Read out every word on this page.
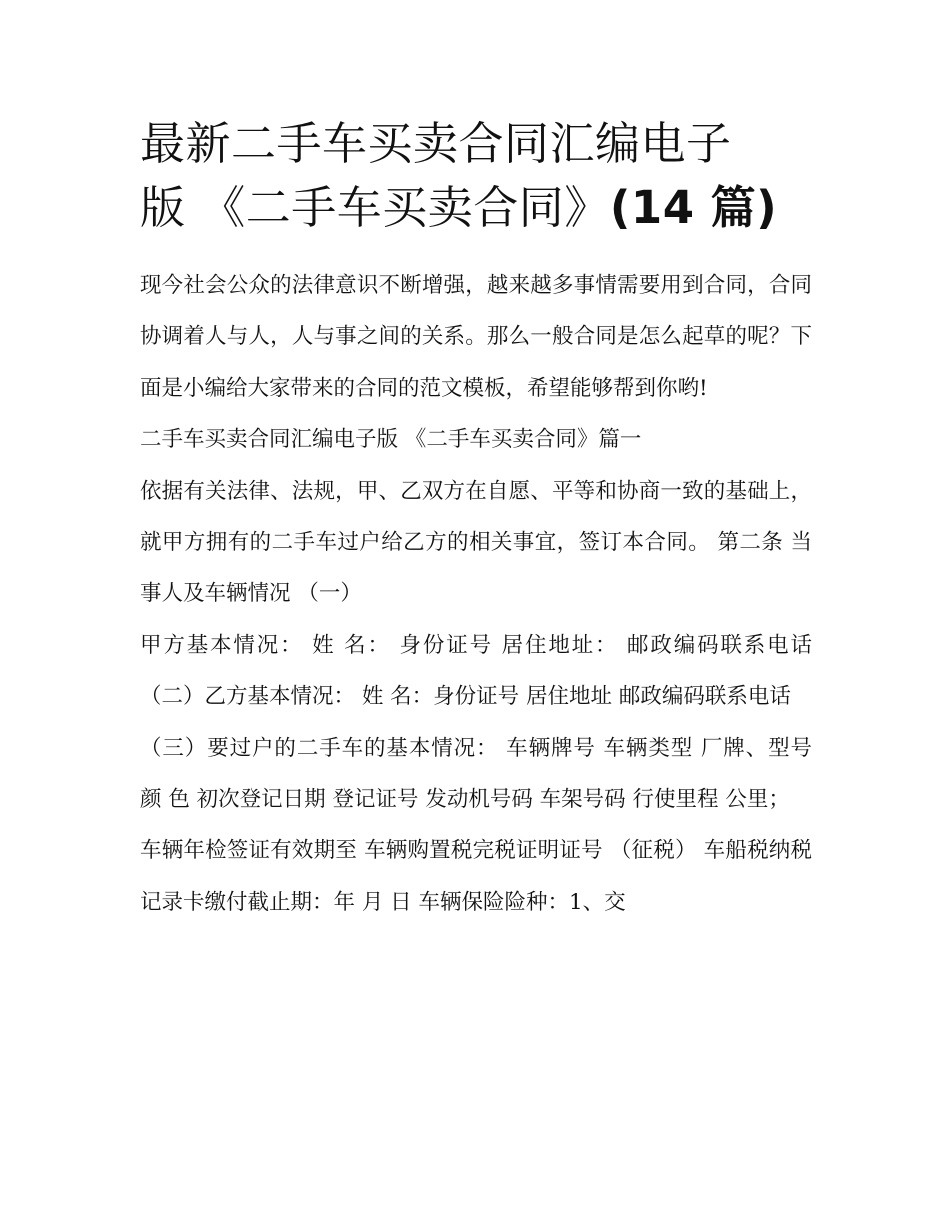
最新二手车买卖合同汇编电子
版 《二手车买卖合同》(14 篇)

现今社会公众的法律意识不断增强，越来越多事情需要用到合同，合同协调着人与人，人与事之间的关系。那么一般合同是怎么起草的呢？下面是小编给大家带来的合同的范文模板，希望能够帮到你哟!

二手车买卖合同汇编电子版 《二手车买卖合同》篇一

依据有关法律、法规，甲、乙双方在自愿、平等和协商一致的基础上，就甲方拥有的二手车过户给乙方的相关事宜，签订本合同。 第二条 当事人及车辆情况 （一）

甲方基本情况： 姓 名： 身份证号 居住地址： 邮政编码联系电话 （二）乙方基本情况： 姓 名：身份证号 居住地址 邮政编码联系电话

（三）要过户的二手车的基本情况： 车辆牌号 车辆类型 厂牌、型号 颜 色 初次登记日期 登记证号 发动机号码 车架号码 行使里程 公里；

车辆年检签证有效期至 车辆购置税完税证明证号 （征税） 车船税纳税记录卡缴付截止期：年 月 日 车辆保险险种：1、交
